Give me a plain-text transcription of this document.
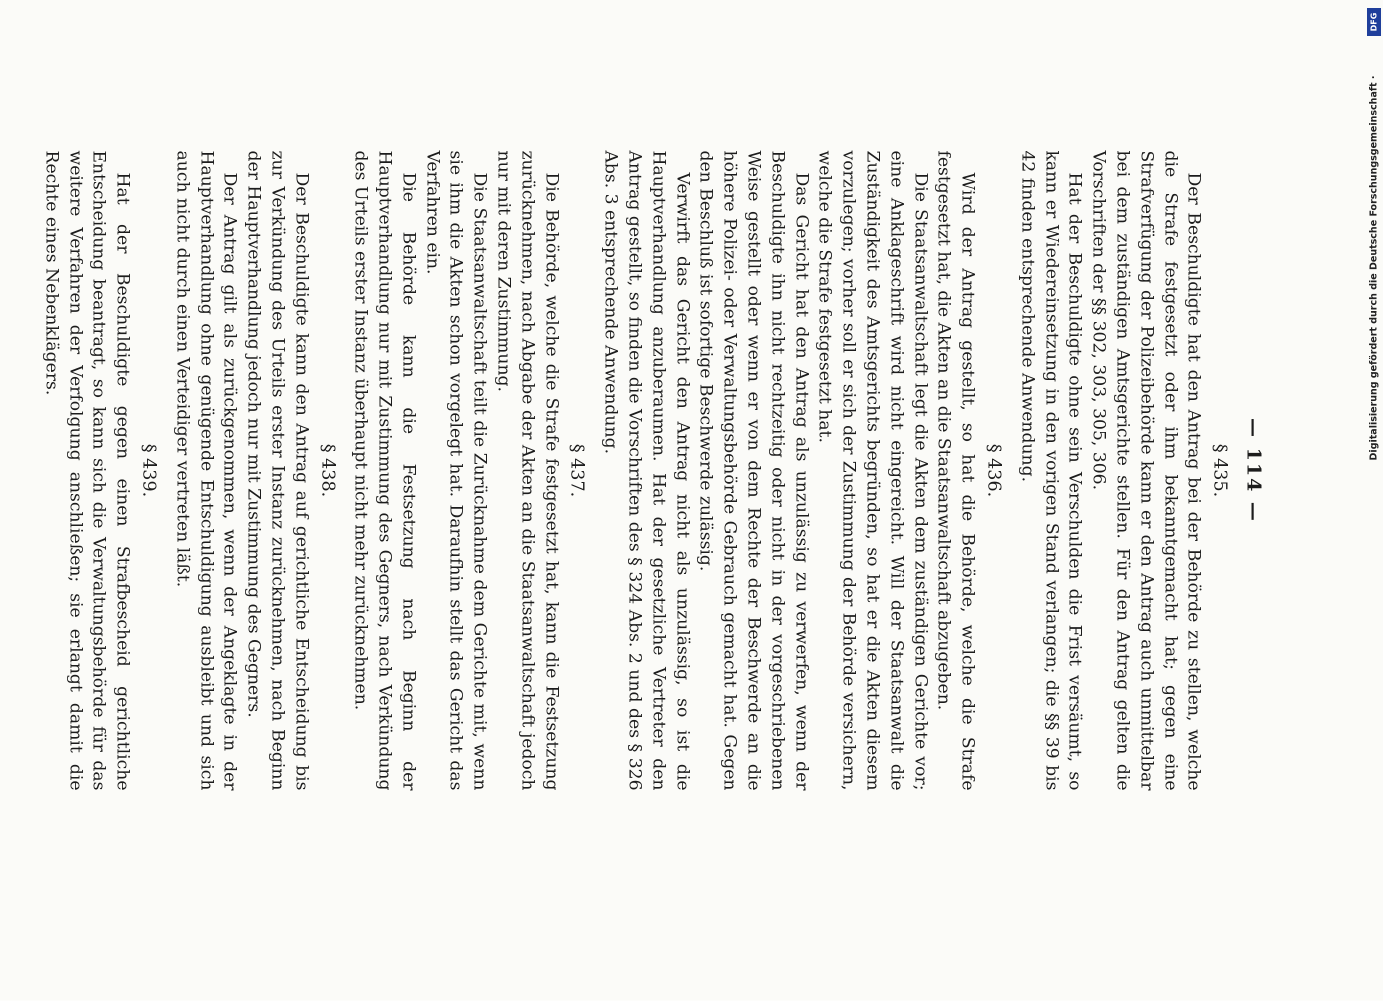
— 114 —
§ 435.

Der Beschuldigte hat den Antrag bei der Behörde zu stellen, welche die Strafe festgesetzt oder ihm bekanntgemacht hat; gegen eine Strafverfügung der Polizeibehörde kann er den Antrag auch unmittelbar bei dem zuständigen Amtsgerichte stellen. Für den Antrag gelten die Vorschriften der §§ 302, 303, 305, 306.

Hat der Beschuldigte ohne sein Verschulden die Frist versäumt, so kann er Wiedereinsetzung in den vorigen Stand verlangen; die §§ 39 bis 42 finden entsprechende Anwendung.

§ 436.

Wird der Antrag gestellt, so hat die Behörde, welche die Strafe festgesetzt hat, die Akten an die Staatsanwaltschaft abzugeben.

Die Staatsanwaltschaft legt die Akten dem zuständigen Gerichte vor; eine Anklageschrift wird nicht eingereicht. Will der Staatsanwalt die Zuständigkeit des Amtsgerichts begründen, so hat er die Akten diesem vorzulegen; vorher soll er sich der Zustimmung der Behörde versichern, welche die Strafe festgesetzt hat.

Das Gericht hat den Antrag als unzulässig zu verwerfen, wenn der Beschuldigte ihn nicht rechtzeitig oder nicht in der vorgeschriebenen Weise gestellt oder wenn er von dem Rechte der Beschwerde an die höhere Polizei- oder Verwaltungsbehörde Gebrauch gemacht hat. Gegen den Beschluß ist sofortige Beschwerde zulässig.

Verwirft das Gericht den Antrag nicht als unzulässig, so ist die Hauptverhandlung anzuberaumen. Hat der gesetzliche Vertreter den Antrag gestellt, so finden die Vorschriften des § 324 Abs. 2 und des § 326 Abs. 3 entsprechende Anwendung.

§ 437.

Die Behörde, welche die Strafe festgesetzt hat, kann die Festsetzung zurücknehmen, nach Abgabe der Akten an die Staatsanwaltschaft jedoch nur mit deren Zustimmung.

Die Staatsanwaltschaft teilt die Zurücknahme dem Gerichte mit, wenn sie ihm die Akten schon vorgelegt hat. Daraufhin stellt das Gericht das Verfahren ein.

Die Behörde kann die Festsetzung nach Beginn der Hauptverhandlung nur mit Zustimmung des Gegners, nach Verkündung des Urteils erster Instanz überhaupt nicht mehr zurücknehmen.

§ 438.

Der Beschuldigte kann den Antrag auf gerichtliche Entscheidung bis zur Verkündung des Urteils erster Instanz zurücknehmen, nach Beginn der Hauptverhandlung jedoch nur mit Zustimmung des Gegners.

Der Antrag gilt als zurückgenommen, wenn der Angeklagte in der Hauptverhandlung ohne genügende Entschuldigung ausbleibt und sich auch nicht durch einen Verteidiger vertreten läßt.

§ 439.

Hat der Beschuldigte gegen einen Strafbescheid gerichtliche Entscheidung beantragt, so kann sich die Verwaltungsbehörde für das weitere Verfahren der Verfolgung anschließen; sie erlangt damit die Rechte eines Nebenklägers.	Digitalisierung gefördert durch die Deutsche Forschungsgemeinschaft ·
DFG
